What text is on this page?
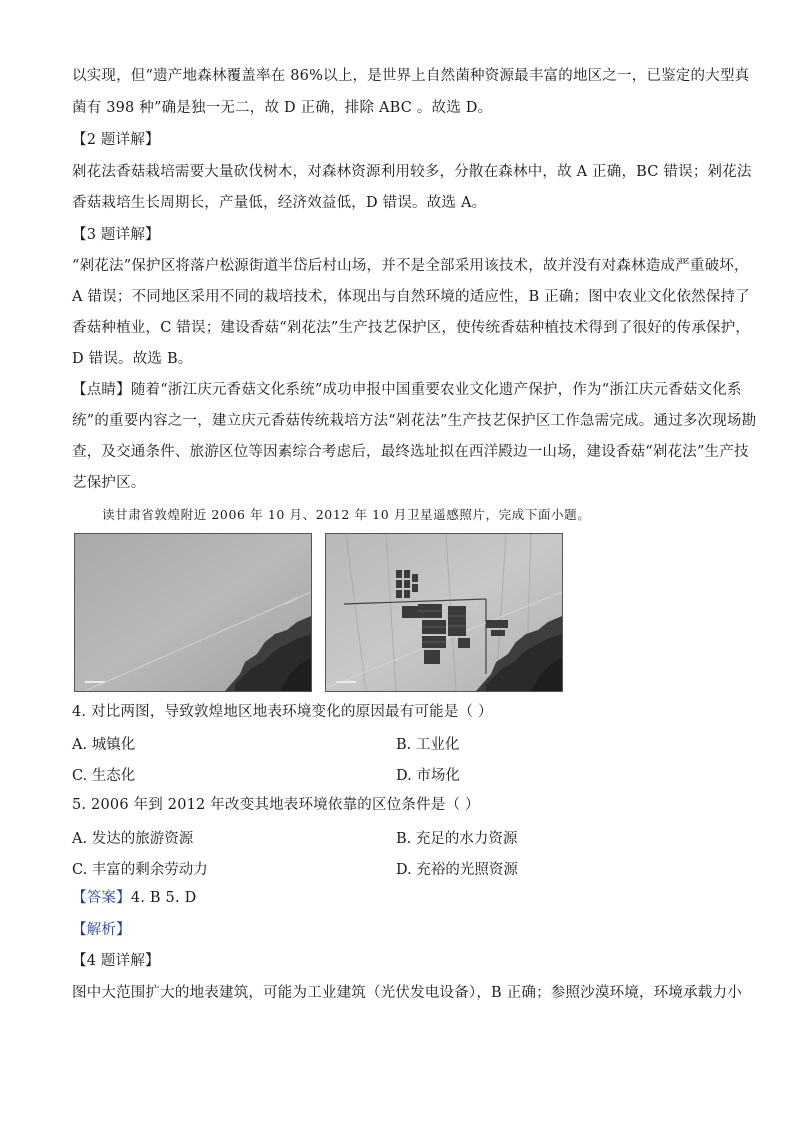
以实现，但“遗产地森林覆盖率在 86%以上，是世界上自然菌种资源最丰富的地区之一，已鉴定的大型真
菌有 398 种”确是独一无二，故 D 正确，排除 ABC 。故选 D。
【2 题详解】
剁花法香菇栽培需要大量砍伐树木，对森林资源利用较多，分散在森林中，故 A 正确，BC 错误；剁花法
香菇栽培生长周期长，产量低，经济效益低，D 错误。故选 A。
【3 题详解】
“剁花法”保护区将落户松源街道半岱后村山场，并不是全部采用该技术，故并没有对森林造成严重破坏，
A 错误；不同地区采用不同的栽培技术，体现出与自然环境的适应性，B 正确；图中农业文化依然保持了
香菇种植业，C 错误；建设香菇“剁花法”生产技艺保护区，使传统香菇种植技术得到了很好的传承保护，
D 错误。故选 B。
【点睛】随着“浙江庆元香菇文化系统”成功申报中国重要农业文化遗产保护，作为“浙江庆元香菇文化系
统”的重要内容之一，建立庆元香菇传统栽培方法“剁花法”生产技艺保护区工作急需完成。通过多次现场勘
查，及交通条件、旅游区位等因素综合考虑后，最终选址拟在西洋殿边一山场，建设香菇“剁花法”生产技
艺保护区。
读甘肃省敦煌附近 2006 年 10 月、2012 年 10 月卫星遥感照片，完成下面小题。
4. 对比两图，导致敦煌地区地表环境变化的原因最有可能是（ ）
A. 城镇化	B. 工业化
C. 生态化	D. 市场化
5. 2006 年到 2012 年改变其地表环境依靠的区位条件是（ ）
A. 发达的旅游资源	B. 充足的水力资源
C. 丰富的剩余劳动力	D. 充裕的光照资源
【答案】4. B 5. D
【解析】
【4 题详解】
图中大范围扩大的地表建筑，可能为工业建筑（光伏发电设备），B 正确；参照沙漠环境，环境承载力小
